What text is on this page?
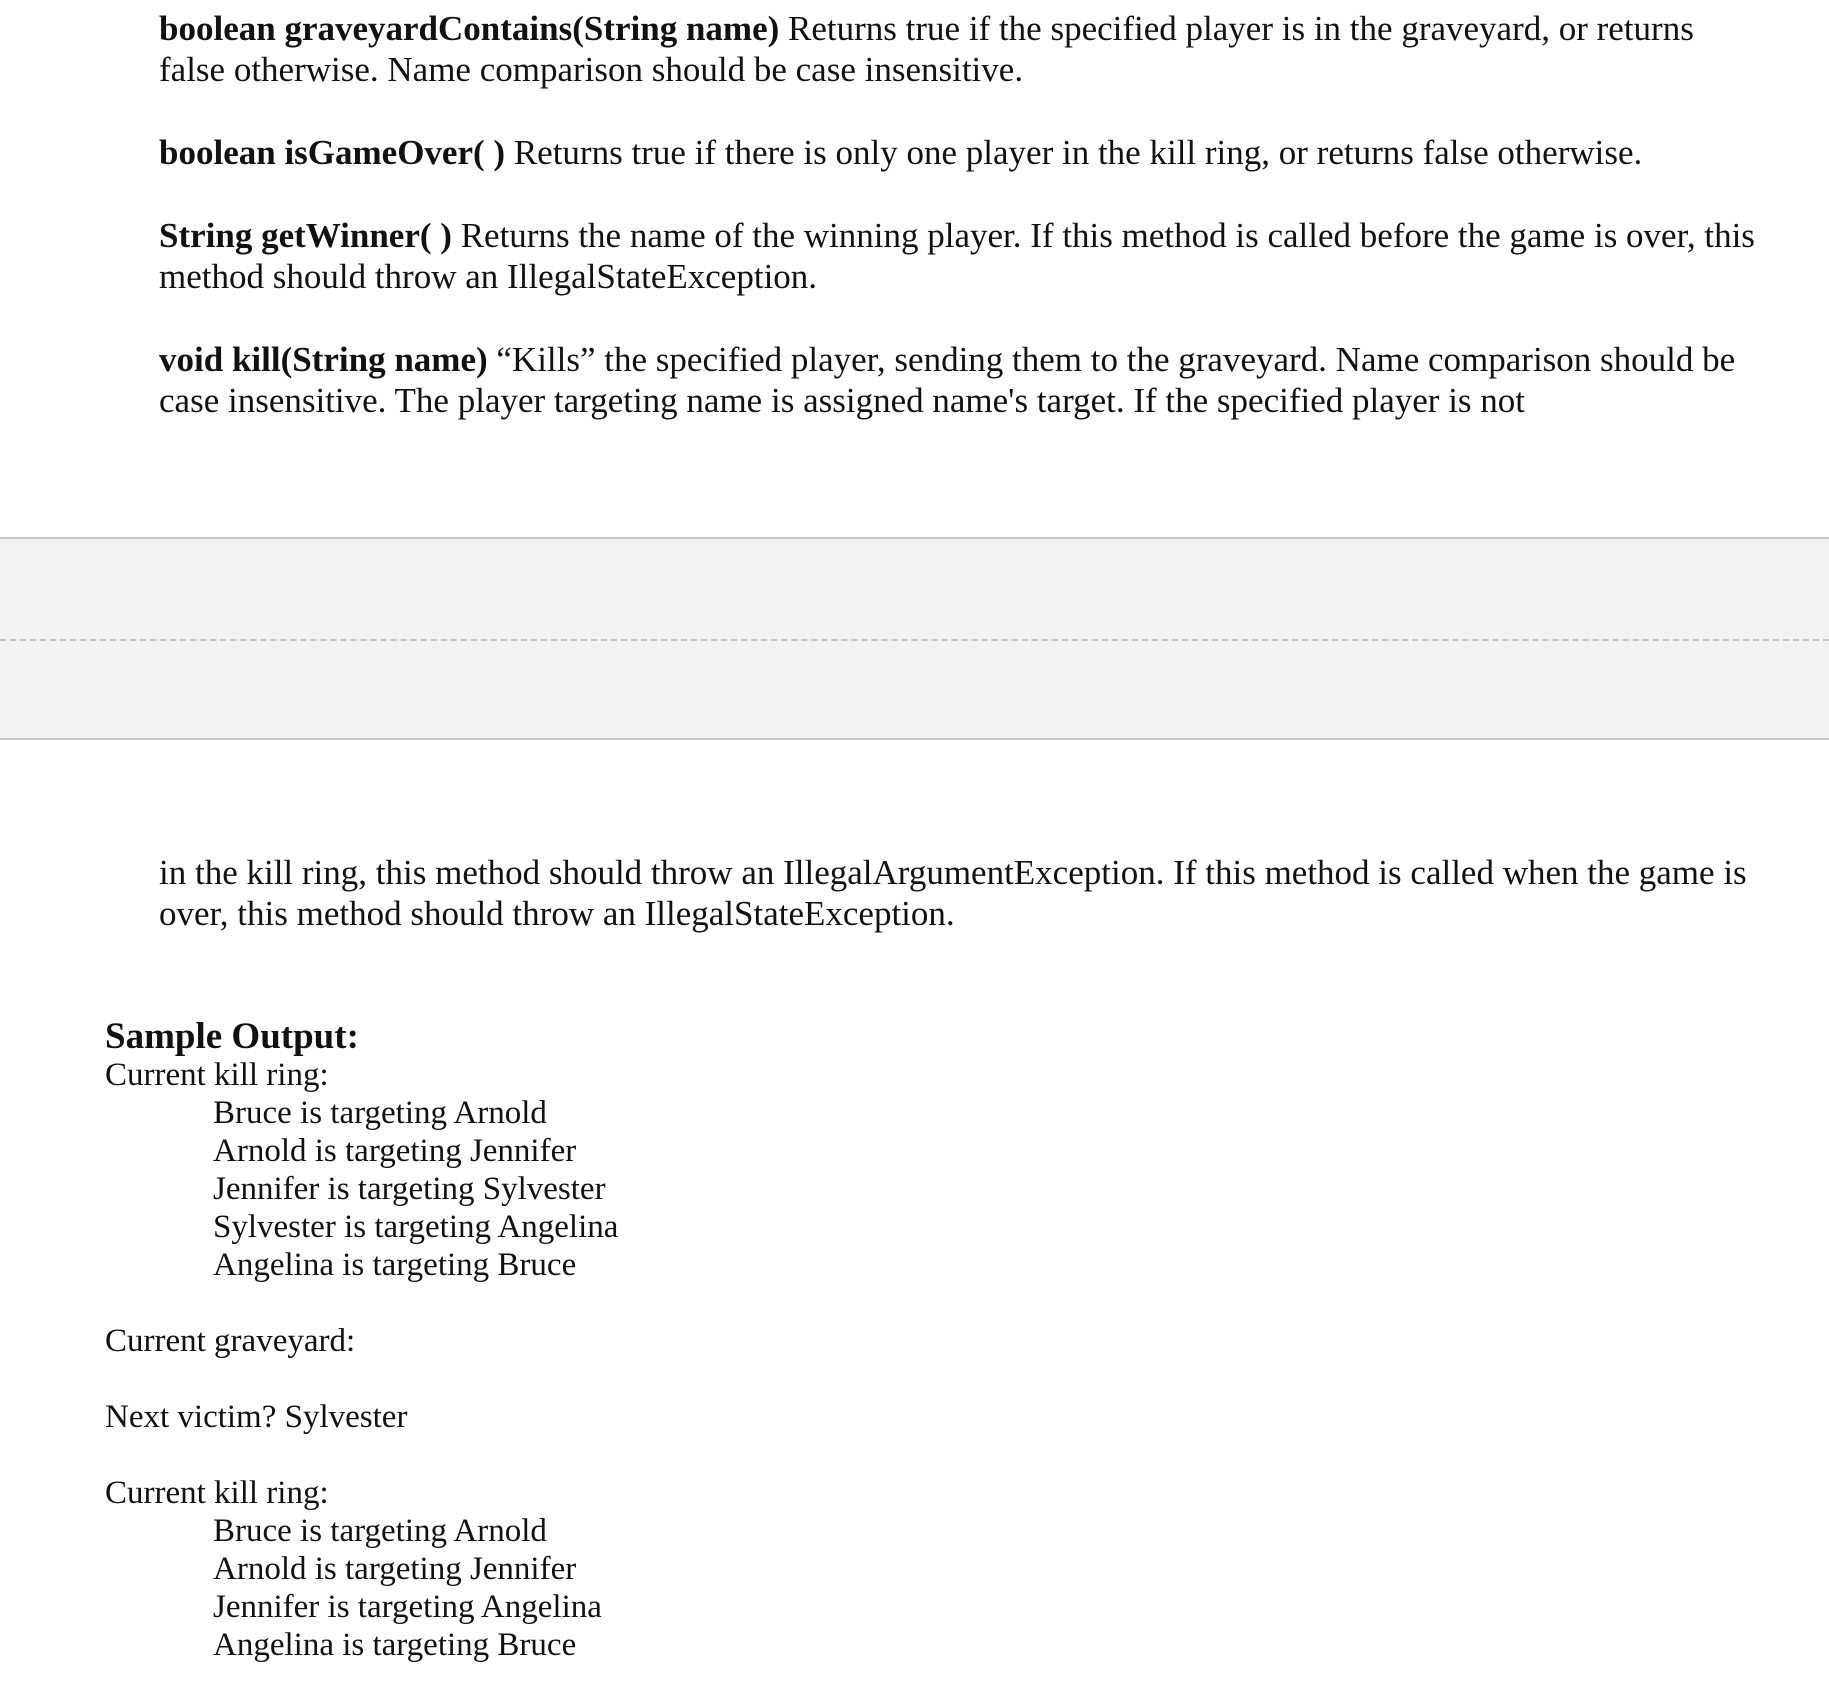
boolean graveyardContains(String name) Returns true if the specified player is in the graveyard, or returns false otherwise. Name comparison should be case insensitive.
boolean isGameOver( ) Returns true if there is only one player in the kill ring, or returns false otherwise.
String getWinner( ) Returns the name of the winning player. If this method is called before the game is over, this method should throw an IllegalStateException.
void kill(String name) “Kills” the specified player, sending them to the graveyard. Name comparison should be case insensitive. The player targeting name is assigned name's target. If the specified player is not
in the kill ring, this method should throw an IllegalArgumentException. If this method is called when the game is over, this method should throw an IllegalStateException.
Sample Output:
Current kill ring:
Bruce is targeting Arnold
Arnold is targeting Jennifer
Jennifer is targeting Sylvester
Sylvester is targeting Angelina
Angelina is targeting Bruce
Current graveyard:
Next victim? Sylvester
Current kill ring:
Bruce is targeting Arnold
Arnold is targeting Jennifer
Jennifer is targeting Angelina
Angelina is targeting Bruce
